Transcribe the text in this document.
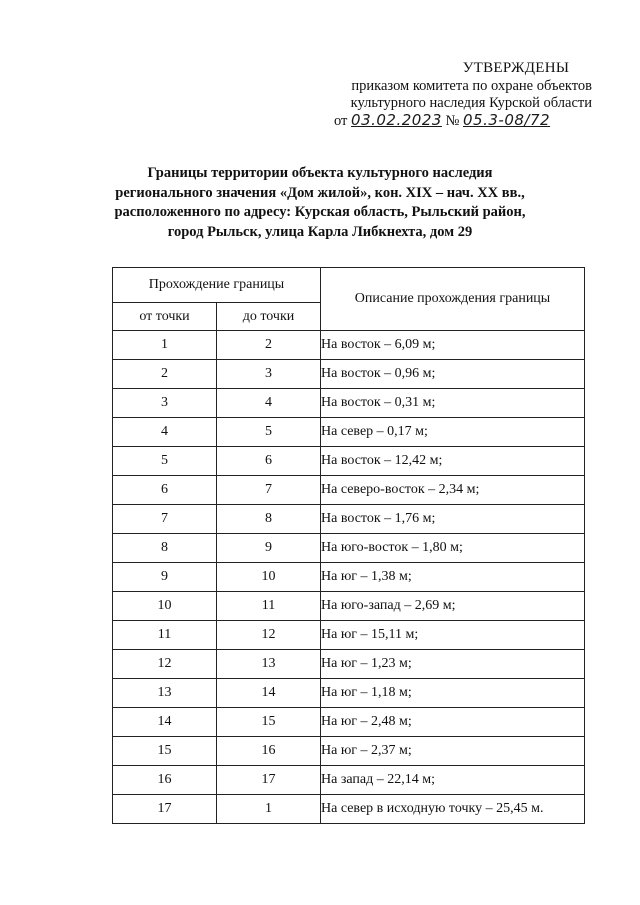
УТВЕРЖДЕНЫ
приказом комитета по охране объектов
культурного наследия Курской области
от 03.02.2023 № 05.3-08/72
Границы территории объекта культурного наследия
регионального значения «Дом жилой», кон. XIX – нач. XX вв.,
расположенного по адресу: Курская область, Рыльский район,
город Рыльск, улица Карла Либкнехта, дом 29
Прохождение границы		Описание прохождения границы
от точки	до точки	
1	2	На восток – 6,09 м;
2	3	На восток – 0,96 м;
3	4	На восток – 0,31 м;
4	5	На север – 0,17 м;
5	6	На восток – 12,42 м;
6	7	На северо-восток – 2,34 м;
7	8	На восток – 1,76 м;
8	9	На юго-восток – 1,80 м;
9	10	На юг – 1,38 м;
10	11	На юго-запад – 2,69 м;
11	12	На юг – 15,11 м;
12	13	На юг – 1,23 м;
13	14	На юг – 1,18 м;
14	15	На юг – 2,48 м;
15	16	На юг – 2,37 м;
16	17	На запад – 22,14 м;
17	1	На север в исходную точку – 25,45 м.
